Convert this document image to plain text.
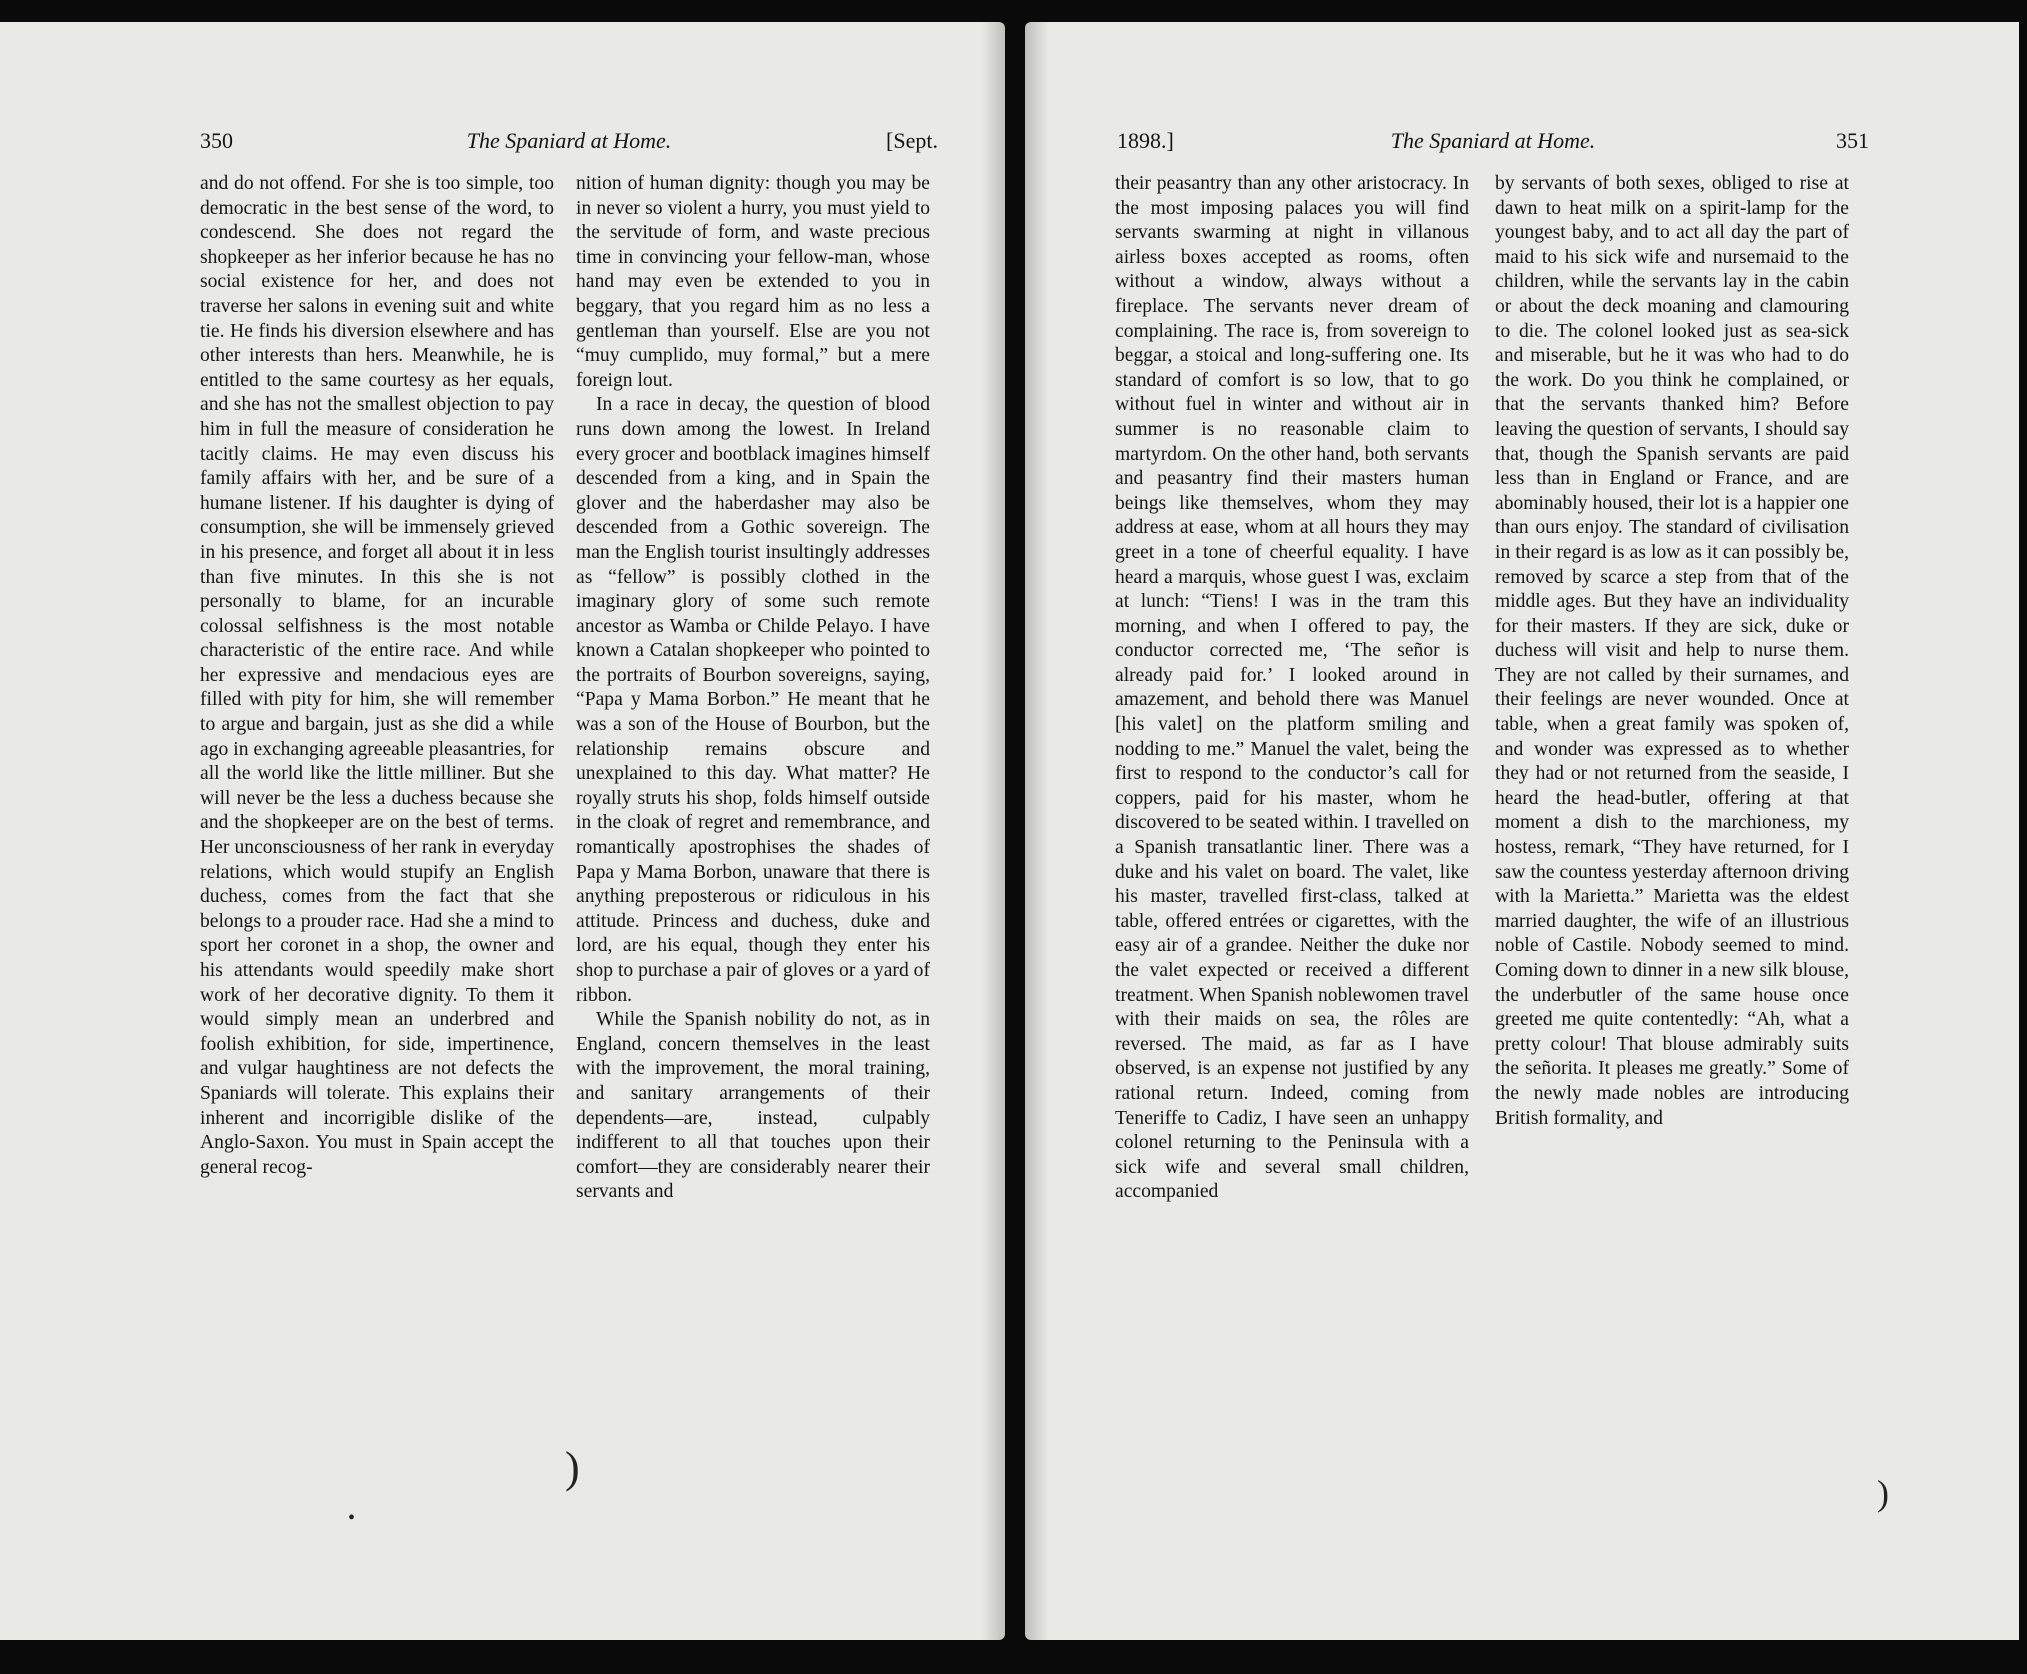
350	The Spaniard at Home.	[Sept.

and do not offend. For she is too simple, too democratic in the best sense of the word, to condescend. She does not regard the shopkeeper as her inferior because he has no social existence for her, and does not traverse her salons in evening suit and white tie. He finds his diversion elsewhere and has other interests than hers. Meanwhile, he is entitled to the same courtesy as her equals, and she has not the smallest objection to pay him in full the measure of consideration he tacitly claims. He may even discuss his family affairs with her, and be sure of a humane listener. If his daughter is dying of consumption, she will be immensely grieved in his presence, and forget all about it in less than five minutes. In this she is not personally to blame, for an incurable colossal selfishness is the most notable characteristic of the entire race. And while her expressive and mendacious eyes are filled with pity for him, she will remember to argue and bargain, just as she did a while ago in exchanging agreeable pleasantries, for all the world like the little milliner. But she will never be the less a duchess because she and the shopkeeper are on the best of terms. Her unconsciousness of her rank in everyday relations, which would stupify an English duchess, comes from the fact that she belongs to a prouder race. Had she a mind to sport her coronet in a shop, the owner and his attendants would speedily make short work of her decorative dignity. To them it would simply mean an underbred and foolish exhibition, for side, impertinence, and vulgar haughtiness are not defects the Spaniards will tolerate. This explains their inherent and incorrigible dislike of the Anglo-Saxon. You must in Spain accept the general recog-

nition of human dignity: though you may be in never so violent a hurry, you must yield to the servitude of form, and waste precious time in convincing your fellow-man, whose hand may even be extended to you in beggary, that you regard him as no less a gentleman than yourself. Else are you not “muy cumplido, muy formal,” but a mere foreign lout.

In a race in decay, the question of blood runs down among the lowest. In Ireland every grocer and bootblack imagines himself descended from a king, and in Spain the glover and the haberdasher may also be descended from a Gothic sovereign. The man the English tourist insultingly addresses as “fellow” is possibly clothed in the imaginary glory of some such remote ancestor as Wamba or Childe Pelayo. I have known a Catalan shopkeeper who pointed to the portraits of Bourbon sovereigns, saying, “Papa y Mama Borbon.” He meant that he was a son of the House of Bourbon, but the relationship remains obscure and unexplained to this day. What matter? He royally struts his shop, folds himself outside in the cloak of regret and remembrance, and romantically apostrophises the shades of Papa y Mama Borbon, unaware that there is anything preposterous or ridiculous in his attitude. Princess and duchess, duke and lord, are his equal, though they enter his shop to purchase a pair of gloves or a yard of ribbon.

While the Spanish nobility do not, as in England, concern themselves in the least with the improvement, the moral training, and sanitary arrangements of their dependents—are, instead, culpably indifferent to all that touches upon their comfort—they are considerably nearer their servants and

)
•
1898.]	The Spaniard at Home.	351

their peasantry than any other aristocracy. In the most imposing palaces you will find servants swarming at night in villanous airless boxes accepted as rooms, often without a window, always without a fireplace. The servants never dream of complaining. The race is, from sovereign to beggar, a stoical and long-suffering one. Its standard of comfort is so low, that to go without fuel in winter and without air in summer is no reasonable claim to martyrdom. On the other hand, both servants and peasantry find their masters human beings like themselves, whom they may address at ease, whom at all hours they may greet in a tone of cheerful equality. I have heard a marquis, whose guest I was, exclaim at lunch: “Tiens! I was in the tram this morning, and when I offered to pay, the conductor corrected me, ‘The señor is already paid for.’ I looked around in amazement, and behold there was Manuel [his valet] on the platform smiling and nodding to me.” Manuel the valet, being the first to respond to the conductor’s call for coppers, paid for his master, whom he discovered to be seated within. I travelled on a Spanish transatlantic liner. There was a duke and his valet on board. The valet, like his master, travelled first-class, talked at table, offered entrées or cigarettes, with the easy air of a grandee. Neither the duke nor the valet expected or received a different treatment. When Spanish noblewomen travel with their maids on sea, the rôles are reversed. The maid, as far as I have observed, is an expense not justified by any rational return. Indeed, coming from Teneriffe to Cadiz, I have seen an unhappy colonel returning to the Peninsula with a sick wife and several small children, accompanied

by servants of both sexes, obliged to rise at dawn to heat milk on a spirit-lamp for the youngest baby, and to act all day the part of maid to his sick wife and nursemaid to the children, while the servants lay in the cabin or about the deck moaning and clamouring to die. The colonel looked just as sea-sick and miserable, but he it was who had to do the work. Do you think he complained, or that the servants thanked him? Before leaving the question of servants, I should say that, though the Spanish servants are paid less than in England or France, and are abominably housed, their lot is a happier one than ours enjoy. The standard of civilisation in their regard is as low as it can possibly be, removed by scarce a step from that of the middle ages. But they have an individuality for their masters. If they are sick, duke or duchess will visit and help to nurse them. They are not called by their surnames, and their feelings are never wounded. Once at table, when a great family was spoken of, and wonder was expressed as to whether they had or not returned from the seaside, I heard the head-butler, offering at that moment a dish to the marchioness, my hostess, remark, “They have returned, for I saw the countess yesterday afternoon driving with la Marietta.” Marietta was the eldest married daughter, the wife of an illustrious noble of Castile. Nobody seemed to mind. Coming down to dinner in a new silk blouse, the underbutler of the same house once greeted me quite contentedly: “Ah, what a pretty colour! That blouse admirably suits the señorita. It pleases me greatly.” Some of the newly made nobles are introducing British formality, and

)
